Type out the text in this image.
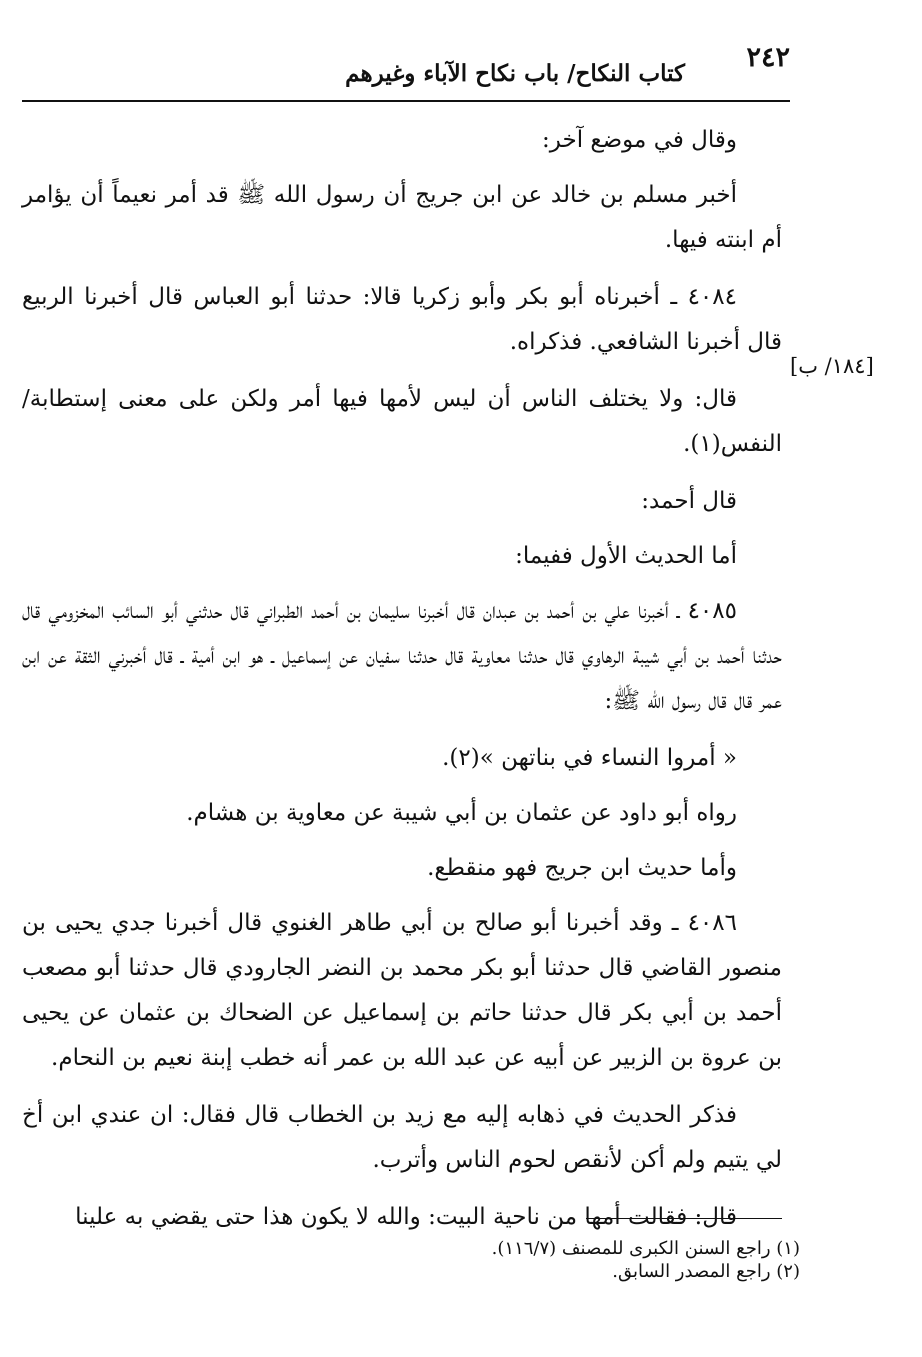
٢٤٢
كتاب النكاح/ باب نكاح الآباء وغيرهم
[١٨٤/ ب]

وقال في موضع آخر:

أخبر مسلم بن خالد عن ابن جريج أن رسول الله ﷺ قد أمر نعيماً أن يؤامر أم ابنته فيها.

٤٠٨٤ ـ أخبرناه أبو بكر وأبو زكريا قالا: حدثنا أبو العباس قال أخبرنا الربيع قال أخبرنا الشافعي. فذكراه.

قال: ولا يختلف الناس أن ليس لأمها فيها أمر ولكن على معنى إستطابة/ النفس(١).

قال أحمد:

أما الحديث الأول ففيما:

٤٠٨٥ ـ أخبرنا علي بن أحمد بن عبدان قال أخبرنا سليمان بن أحمد الطبراني قال حدثني أبو السائب المخزومي قال حدثنا أحمد بن أبي شيبة الرهاوي قال حدثنا معاوية قال حدثنا سفيان عن إسماعيل ـ هو ابن أمية ـ قال أخبرني الثقة عن ابن عمر قال قال رسول الله ﷺ:

« أمروا النساء في بناتهن »(٢).

رواه أبو داود عن عثمان بن أبي شيبة عن معاوية بن هشام.

وأما حديث ابن جريج فهو منقطع.

٤٠٨٦ ـ وقد أخبرنا أبو صالح بن أبي طاهر الغنوي قال أخبرنا جدي يحيى بن منصور القاضي قال حدثنا أبو بكر محمد بن النضر الجارودي قال حدثنا أبو مصعب أحمد بن أبي بكر قال حدثنا حاتم بن إسماعيل عن الضحاك بن عثمان عن يحيى بن عروة بن الزبير عن أبيه عن عبد الله بن عمر أنه خطب إبنة نعيم بن النحام.

فذكر الحديث في ذهابه إليه مع زيد بن الخطاب قال فقال: ان عندي ابن أخ لي يتيم ولم أكن لأنقص لحوم الناس وأترب.

قال: فقالت أمها من ناحية البيت: والله لا يكون هذا حتى يقضي به علينا

(١) راجع السنن الكبرى للمصنف (١١٦/٧).

(٢) راجع المصدر السابق.
